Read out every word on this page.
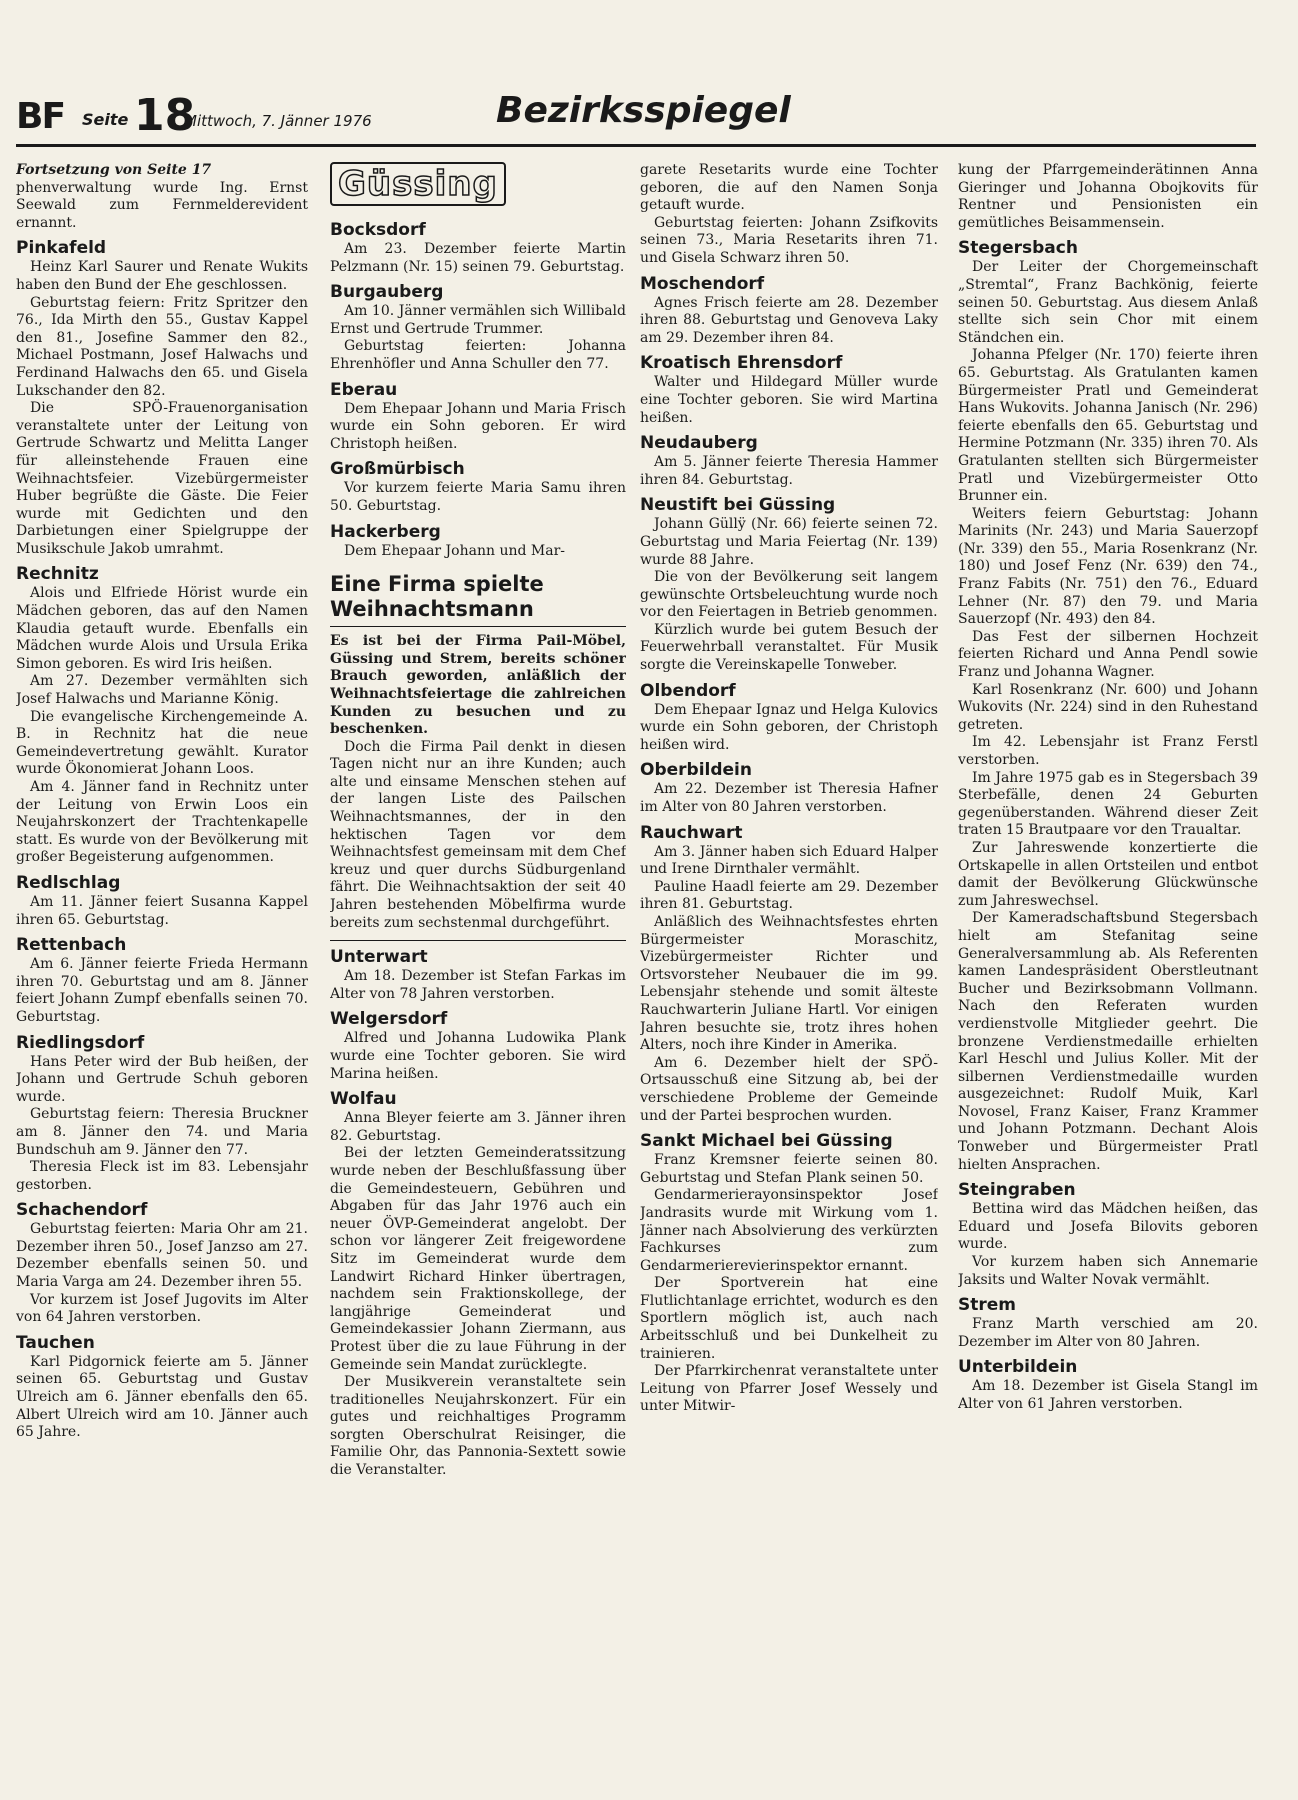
BF Seite 18
Mittwoch, 7. Jänner 1976	Bezirksspiegel

Fortsetzung von Seite 17

phenverwaltung wurde Ing. Ernst Seewald zum Fernmelderevident ernannt.

Pinkafeld

Heinz Karl Saurer und Renate Wukits haben den Bund der Ehe geschlossen.

Geburtstag feiern: Fritz Spritzer den 76., Ida Mirth den 55., Gustav Kappel den 81., Josefine Sammer den 82., Michael Postmann, Josef Halwachs und Ferdinand Halwachs den 65. und Gisela Lukschander den 82.

Die SPÖ-Frauenorganisation veranstaltete unter der Leitung von Gertrude Schwartz und Melitta Langer für alleinstehende Frauen eine Weihnachtsfeier. Vizebürgermeister Huber begrüßte die Gäste. Die Feier wurde mit Gedichten und den Darbietungen einer Spielgruppe der Musikschule Jakob umrahmt.

Rechnitz

Alois und Elfriede Hörist wurde ein Mädchen geboren, das auf den Namen Klaudia getauft wurde. Ebenfalls ein Mädchen wurde Alois und Ursula Erika Simon geboren. Es wird Iris heißen.

Am 27. Dezember vermählten sich Josef Halwachs und Marianne König.

Die evangelische Kirchengemeinde A. B. in Rechnitz hat die neue Gemeindevertretung gewählt. Kurator wurde Ökonomierat Johann Loos.

Am 4. Jänner fand in Rechnitz unter der Leitung von Erwin Loos ein Neujahrskonzert der Trachtenkapelle statt. Es wurde von der Bevölkerung mit großer Begeisterung aufgenommen.

Redlschlag

Am 11. Jänner feiert Susanna Kappel ihren 65. Geburtstag.

Rettenbach

Am 6. Jänner feierte Frieda Hermann ihren 70. Geburtstag und am 8. Jänner feiert Johann Zumpf ebenfalls seinen 70. Geburtstag.

Riedlingsdorf

Hans Peter wird der Bub heißen, der Johann und Gertrude Schuh geboren wurde.

Geburtstag feiern: Theresia Bruckner am 8. Jänner den 74. und Maria Bundschuh am 9. Jänner den 77.

Theresia Fleck ist im 83. Lebensjahr gestorben.

Schachendorf

Geburtstag feierten: Maria Ohr am 21. Dezember ihren 50., Josef Janzso am 27. Dezember ebenfalls seinen 50. und Maria Varga am 24. Dezember ihren 55.

Vor kurzem ist Josef Jugovits im Alter von 64 Jahren verstorben.

Tauchen

Karl Pidgornick feierte am 5. Jänner seinen 65. Geburtstag und Gustav Ulreich am 6. Jänner ebenfalls den 65. Albert Ulreich wird am 10. Jänner auch 65 Jahre.

Güssing
Bocksdorf

Am 23. Dezember feierte Martin Pelzmann (Nr. 15) seinen 79. Geburtstag.

Burgauberg

Am 10. Jänner vermählen sich Willibald Ernst und Gertrude Trummer.

Geburtstag feierten: Johanna Ehrenhöfler und Anna Schuller den 77.

Eberau

Dem Ehepaar Johann und Maria Frisch wurde ein Sohn geboren. Er wird Christoph heißen.

Großmürbisch

Vor kurzem feierte Maria Samu ihren 50. Geburtstag.

Hackerberg

Dem Ehepaar Johann und Mar-

Eine Firma spielte Weihnachtsmann

Es ist bei der Firma Pail-Möbel, Güssing und Strem, bereits schöner Brauch geworden, anläßlich der Weihnachtsfeiertage die zahlreichen Kunden zu besuchen und zu beschenken.

Doch die Firma Pail denkt in diesen Tagen nicht nur an ihre Kunden; auch alte und einsame Menschen stehen auf der langen Liste des Pailschen Weihnachtsmannes, der in den hektischen Tagen vor dem Weihnachtsfest gemeinsam mit dem Chef kreuz und quer durchs Südburgenland fährt. Die Weihnachtsaktion der seit 40 Jahren bestehenden Möbelfirma wurde bereits zum sechstenmal durchgeführt.

Unterwart

Am 18. Dezember ist Stefan Farkas im Alter von 78 Jahren verstorben.

Welgersdorf

Alfred und Johanna Ludowika Plank wurde eine Tochter geboren. Sie wird Marina heißen.

Wolfau

Anna Bleyer feierte am 3. Jänner ihren 82. Geburtstag.

Bei der letzten Gemeinderatssitzung wurde neben der Beschlußfassung über die Gemeindesteuern, Gebühren und Abgaben für das Jahr 1976 auch ein neuer ÖVP-Gemeinderat angelobt. Der schon vor längerer Zeit freigewordene Sitz im Gemeinderat wurde dem Landwirt Richard Hinker übertragen, nachdem sein Fraktionskollege, der langjährige Gemeinderat und Gemeindekassier Johann Ziermann, aus Protest über die zu laue Führung in der Gemeinde sein Mandat zurücklegte.

Der Musikverein veranstaltete sein traditionelles Neujahrskonzert. Für ein gutes und reichhaltiges Programm sorgten Oberschulrat Reisinger, die Familie Ohr, das Pannonia-Sextett sowie die Veranstalter.

garete Resetarits wurde eine Tochter geboren, die auf den Namen Sonja getauft wurde.

Geburtstag feierten: Johann Zsifkovits seinen 73., Maria Resetarits ihren 71. und Gisela Schwarz ihren 50.

Moschendorf

Agnes Frisch feierte am 28. Dezember ihren 88. Geburtstag und Genoveva Laky am 29. Dezember ihren 84.

Kroatisch Ehrensdorf

Walter und Hildegard Müller wurde eine Tochter geboren. Sie wird Martina heißen.

Neudauberg

Am 5. Jänner feierte Theresia Hammer ihren 84. Geburtstag.

Neustift bei Güssing

Johann Güllÿ (Nr. 66) feierte seinen 72. Geburtstag und Maria Feiertag (Nr. 139) wurde 88 Jahre.

Die von der Bevölkerung seit langem gewünschte Ortsbeleuchtung wurde noch vor den Feiertagen in Betrieb genommen.

Kürzlich wurde bei gutem Besuch der Feuerwehrball veranstaltet. Für Musik sorgte die Vereinskapelle Tonweber.

Olbendorf

Dem Ehepaar Ignaz und Helga Kulovics wurde ein Sohn geboren, der Christoph heißen wird.

Oberbildein

Am 22. Dezember ist Theresia Hafner im Alter von 80 Jahren verstorben.

Rauchwart

Am 3. Jänner haben sich Eduard Halper und Irene Dirnthaler vermählt.

Pauline Haadl feierte am 29. Dezember ihren 81. Geburtstag.

Anläßlich des Weihnachtsfestes ehrten Bürgermeister Moraschitz, Vizebürgermeister Richter und Ortsvorsteher Neubauer die im 99. Lebensjahr stehende und somit älteste Rauchwarterin Juliane Hartl. Vor einigen Jahren besuchte sie, trotz ihres hohen Alters, noch ihre Kinder in Amerika.

Am 6. Dezember hielt der SPÖ-Ortsausschuß eine Sitzung ab, bei der verschiedene Probleme der Gemeinde und der Partei besprochen wurden.

Sankt Michael bei Güssing

Franz Kremsner feierte seinen 80. Geburtstag und Stefan Plank seinen 50.

Gendarmerierayonsinspektor Josef Jandrasits wurde mit Wirkung vom 1. Jänner nach Absolvierung des verkürzten Fachkurses zum Gendarmerierevierinspektor ernannt.

Der Sportverein hat eine Flutlichtanlage errichtet, wodurch es den Sportlern möglich ist, auch nach Arbeitsschluß und bei Dunkelheit zu trainieren.

Der Pfarrkirchenrat veranstaltete unter Leitung von Pfarrer Josef Wessely und unter Mitwir-

kung der Pfarrgemeinderätinnen Anna Gieringer und Johanna Obojkovits für Rentner und Pensionisten ein gemütliches Beisammensein.

Stegersbach

Der Leiter der Chorgemeinschaft „Stremtal“, Franz Bachkönig, feierte seinen 50. Geburtstag. Aus diesem Anlaß stellte sich sein Chor mit einem Ständchen ein.

Johanna Pfelger (Nr. 170) feierte ihren 65. Geburtstag. Als Gratulanten kamen Bürgermeister Pratl und Gemeinderat Hans Wukovits. Johanna Janisch (Nr. 296) feierte ebenfalls den 65. Geburtstag und Hermine Potzmann (Nr. 335) ihren 70. Als Gratulanten stellten sich Bürgermeister Pratl und Vizebürgermeister Otto Brunner ein.

Weiters feiern Geburtstag: Johann Marinits (Nr. 243) und Maria Sauerzopf (Nr. 339) den 55., Maria Rosenkranz (Nr. 180) und Josef Fenz (Nr. 639) den 74., Franz Fabits (Nr. 751) den 76., Eduard Lehner (Nr. 87) den 79. und Maria Sauerzopf (Nr. 493) den 84.

Das Fest der silbernen Hochzeit feierten Richard und Anna Pendl sowie Franz und Johanna Wagner.

Karl Rosenkranz (Nr. 600) und Johann Wukovits (Nr. 224) sind in den Ruhestand getreten.

Im 42. Lebensjahr ist Franz Ferstl verstorben.

Im Jahre 1975 gab es in Stegersbach 39 Sterbefälle, denen 24 Geburten gegenüberstanden. Während dieser Zeit traten 15 Brautpaare vor den Traualtar.

Zur Jahreswende konzertierte die Ortskapelle in allen Ortsteilen und entbot damit der Bevölkerung Glückwünsche zum Jahreswechsel.

Der Kameradschaftsbund Stegersbach hielt am Stefanitag seine Generalversammlung ab. Als Referenten kamen Landespräsident Oberstleutnant Bucher und Bezirksobmann Vollmann. Nach den Referaten wurden verdienstvolle Mitglieder geehrt. Die bronzene Verdienstmedaille erhielten Karl Heschl und Julius Koller. Mit der silbernen Verdienstmedaille wurden ausgezeichnet: Rudolf Muik, Karl Novosel, Franz Kaiser, Franz Krammer und Johann Potzmann. Dechant Alois Tonweber und Bürgermeister Pratl hielten Ansprachen.

Steingraben

Bettina wird das Mädchen heißen, das Eduard und Josefa Bilovits geboren wurde.

Vor kurzem haben sich Annemarie Jaksits und Walter Novak vermählt.

Strem

Franz Marth verschied am 20. Dezember im Alter von 80 Jahren.

Unterbildein

Am 18. Dezember ist Gisela Stangl im Alter von 61 Jahren verstorben.
